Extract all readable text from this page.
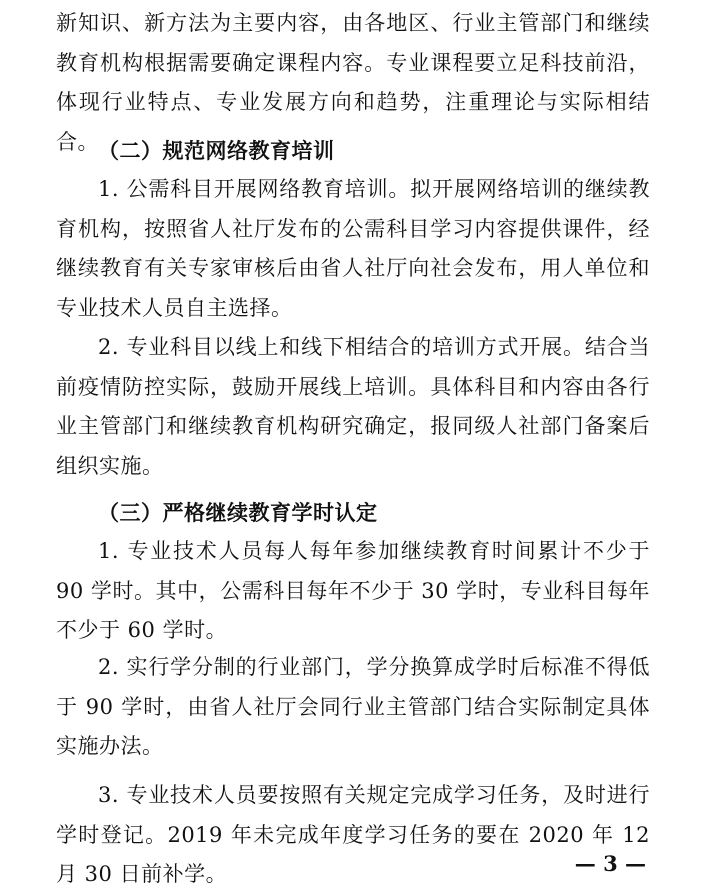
新知识、新方法为主要内容，由各地区、行业主管部门和继续教育机构根据需要确定课程内容。专业课程要立足科技前沿，体现行业特点、专业发展方向和趋势，注重理论与实际相结合。 （二）规范网络教育培训

1. 公需科目开展网络教育培训。拟开展网络培训的继续教育机构，按照省人社厅发布的公需科目学习内容提供课件，经继续教育有关专家审核后由省人社厅向社会发布，用人单位和专业技术人员自主选择。

2. 专业科目以线上和线下相结合的培训方式开展。结合当前疫情防控实际，鼓励开展线上培训。具体科目和内容由各行业主管部门和继续教育机构研究确定，报同级人社部门备案后组织实施。

（三）严格继续教育学时认定

1. 专业技术人员每人每年参加继续教育时间累计不少于 90 学时。其中，公需科目每年不少于 30 学时，专业科目每年不少于 60 学时。

2. 实行学分制的行业部门，学分换算成学时后标准不得低于 90 学时，由省人社厅会同行业主管部门结合实际制定具体实施办法。

3. 专业技术人员要按照有关规定完成学习任务，及时进行学时登记。2019 年未完成年度学习任务的要在 2020 年 12 月 30 日前补学。	— 3 —
